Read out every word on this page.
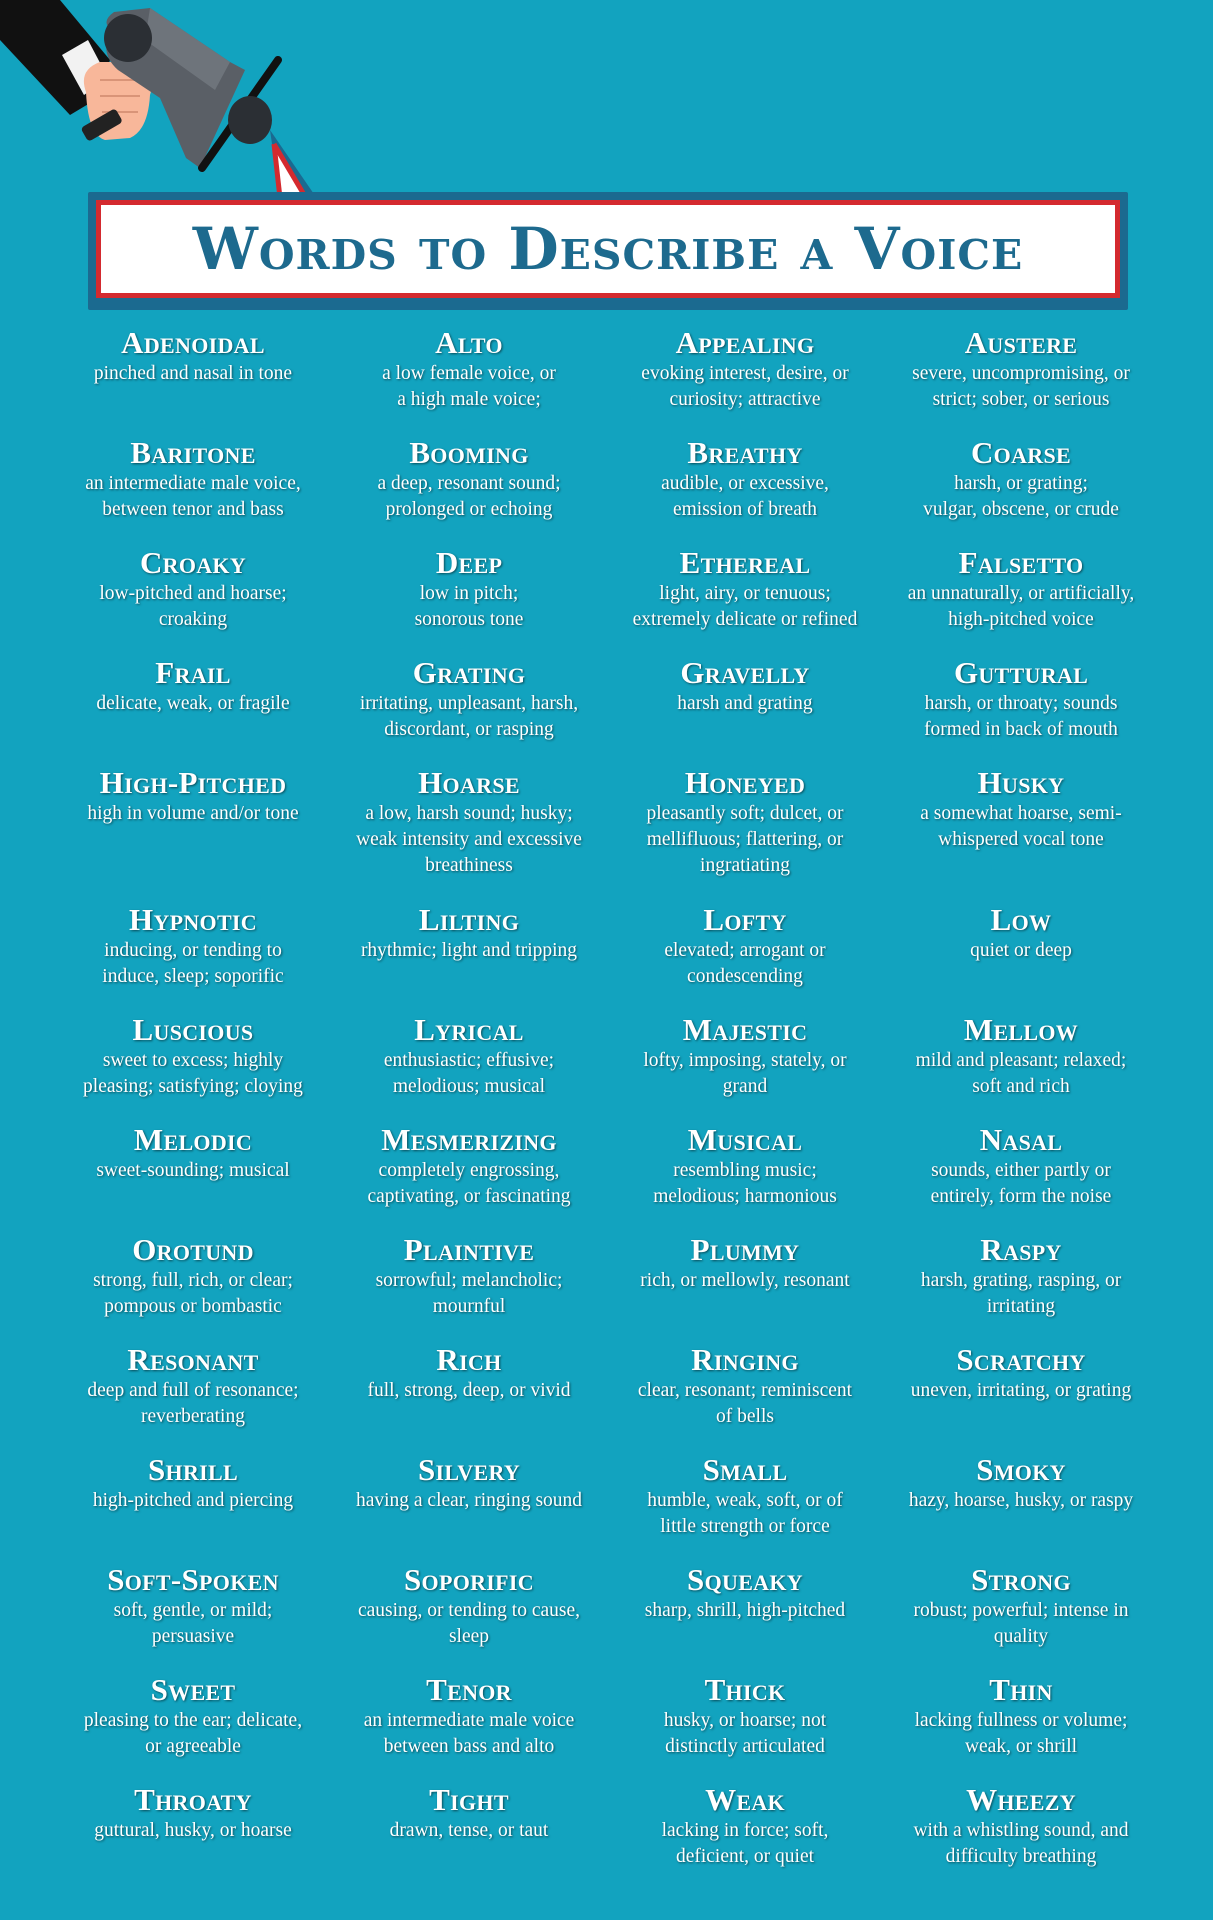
Words to Describe a Voice
Adenoidal
pinched and nasal in tone
Alto
a low female voice, or
a high male voice;
Appealing
evoking interest, desire, or
curiosity; attractive
Austere
severe, uncompromising, or
strict; sober, or serious
Baritone
an intermediate male voice,
between tenor and bass
Booming
a deep, resonant sound;
prolonged or echoing
Breathy
audible, or excessive,
emission of breath
Coarse
harsh, or grating;
vulgar, obscene, or crude
Croaky
low-pitched and hoarse;
croaking
Deep
low in pitch;
sonorous tone
Ethereal
light, airy, or tenuous;
extremely delicate or refined
Falsetto
an unnaturally, or artificially,
high-pitched voice
Frail
delicate, weak, or fragile
Grating
irritating, unpleasant, harsh,
discordant, or rasping
Gravelly
harsh and grating
Guttural
harsh, or throaty; sounds
formed in back of mouth
High-Pitched
high in volume and/or tone
Hoarse
a low, harsh sound; husky;
weak intensity and excessive
breathiness
Honeyed
pleasantly soft; dulcet, or
mellifluous; flattering, or
ingratiating
Husky
a somewhat hoarse, semi-
whispered vocal tone
Hypnotic
inducing, or tending to
induce, sleep; soporific
Lilting
rhythmic; light and tripping
Lofty
elevated; arrogant or
condescending
Low
quiet or deep
Luscious
sweet to excess; highly
pleasing; satisfying; cloying
Lyrical
enthusiastic; effusive;
melodious; musical
Majestic
lofty, imposing, stately, or
grand
Mellow
mild and pleasant; relaxed;
soft and rich
Melodic
sweet-sounding; musical
Mesmerizing
completely engrossing,
captivating, or fascinating
Musical
resembling music;
melodious; harmonious
Nasal
sounds, either partly or
entirely, form the noise
Orotund
strong, full, rich, or clear;
pompous or bombastic
Plaintive
sorrowful; melancholic;
mournful
Plummy
rich, or mellowly, resonant
Raspy
harsh, grating, rasping, or
irritating
Resonant
deep and full of resonance;
reverberating
Rich
full, strong, deep, or vivid
Ringing
clear, resonant; reminiscent
of bells
Scratchy
uneven, irritating, or grating
Shrill
high-pitched and piercing
Silvery
having a clear, ringing sound
Small
humble, weak, soft, or of
little strength or force
Smoky
hazy, hoarse, husky, or raspy
Soft-Spoken
soft, gentle, or mild;
persuasive
Soporific
causing, or tending to cause,
sleep
Squeaky
sharp, shrill, high-pitched
Strong
robust; powerful; intense in
quality
Sweet
pleasing to the ear; delicate,
or agreeable
Tenor
an intermediate male voice
between bass and alto
Thick
husky, or hoarse; not
distinctly articulated
Thin
lacking fullness or volume;
weak, or shrill
Throaty
guttural, husky, or hoarse
Tight
drawn, tense, or taut
Weak
lacking in force; soft,
deficient, or quiet
Wheezy
with a whistling sound, and
difficulty breathing
